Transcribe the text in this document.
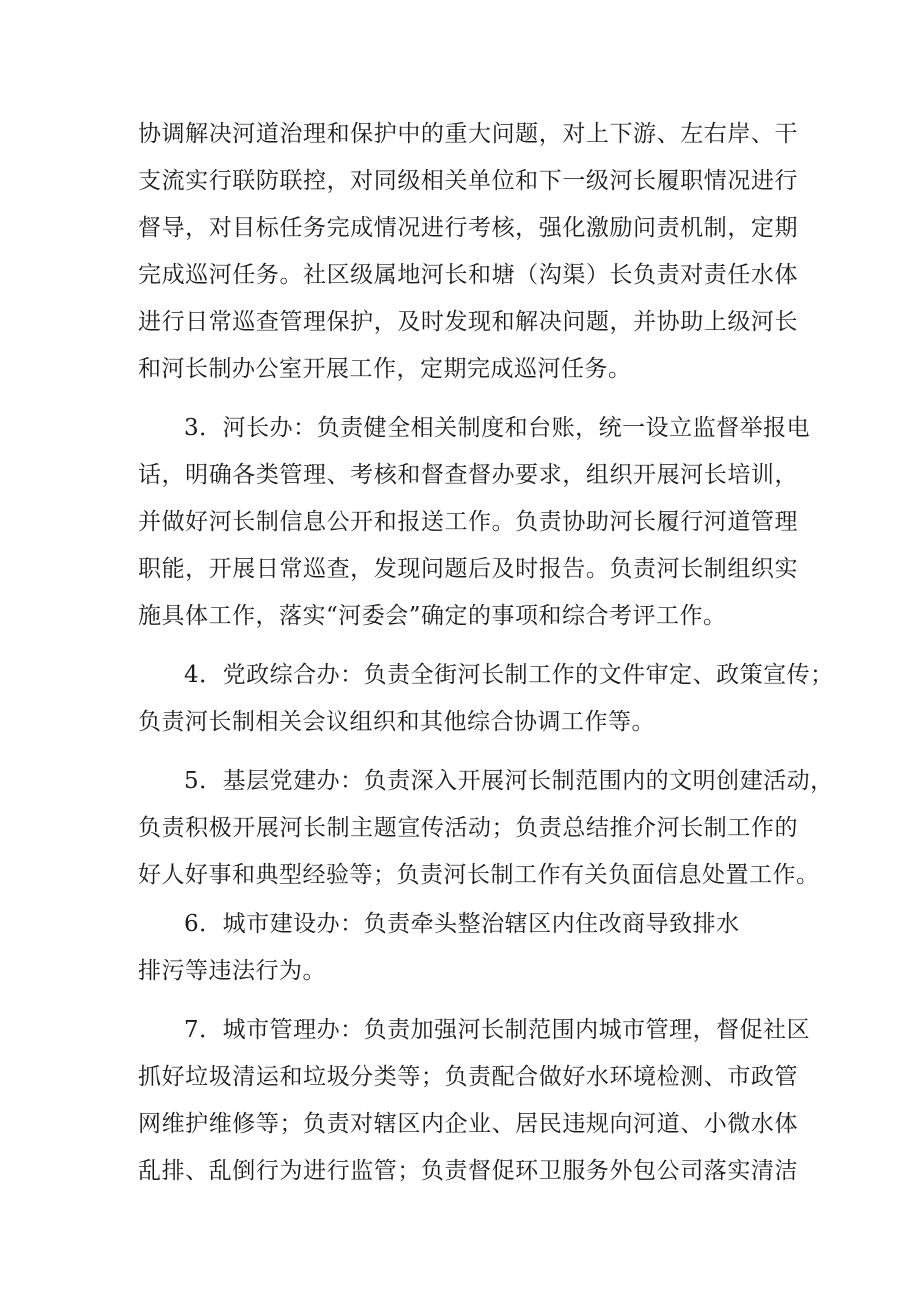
协调解决河道治理和保护中的重大问题，对上下游、左右岸、干
支流实行联防联控，对同级相关单位和下一级河长履职情况进行
督导，对目标任务完成情况进行考核，强化激励问责机制，定期
完成巡河任务。社区级属地河长和塘（沟渠）长负责对责任水体
进行日常巡查管理保护，及时发现和解决问题，并协助上级河长
和河长制办公室开展工作，定期完成巡河任务。
3．河长办：负责健全相关制度和台账，统一设立监督举报电
话，明确各类管理、考核和督查督办要求，组织开展河长培训，
并做好河长制信息公开和报送工作。负责协助河长履行河道管理
职能，开展日常巡查，发现问题后及时报告。负责河长制组织实
施具体工作，落实“河委会”确定的事项和综合考评工作。
4．党政综合办：负责全街河长制工作的文件审定、政策宣传；
负责河长制相关会议组织和其他综合协调工作等。
5．基层党建办：负责深入开展河长制范围内的文明创建活动，
负责积极开展河长制主题宣传活动；负责总结推介河长制工作的
好人好事和典型经验等；负责河长制工作有关负面信息处置工作。
6．城市建设办：负责牵头整治辖区内住改商导致排水
排污等违法行为。
7．城市管理办：负责加强河长制范围内城市管理，督促社区
抓好垃圾清运和垃圾分类等；负责配合做好水环境检测、市政管
网维护维修等；负责对辖区内企业、居民违规向河道、小微水体
乱排、乱倒行为进行监管；负责督促环卫服务外包公司落实清洁
